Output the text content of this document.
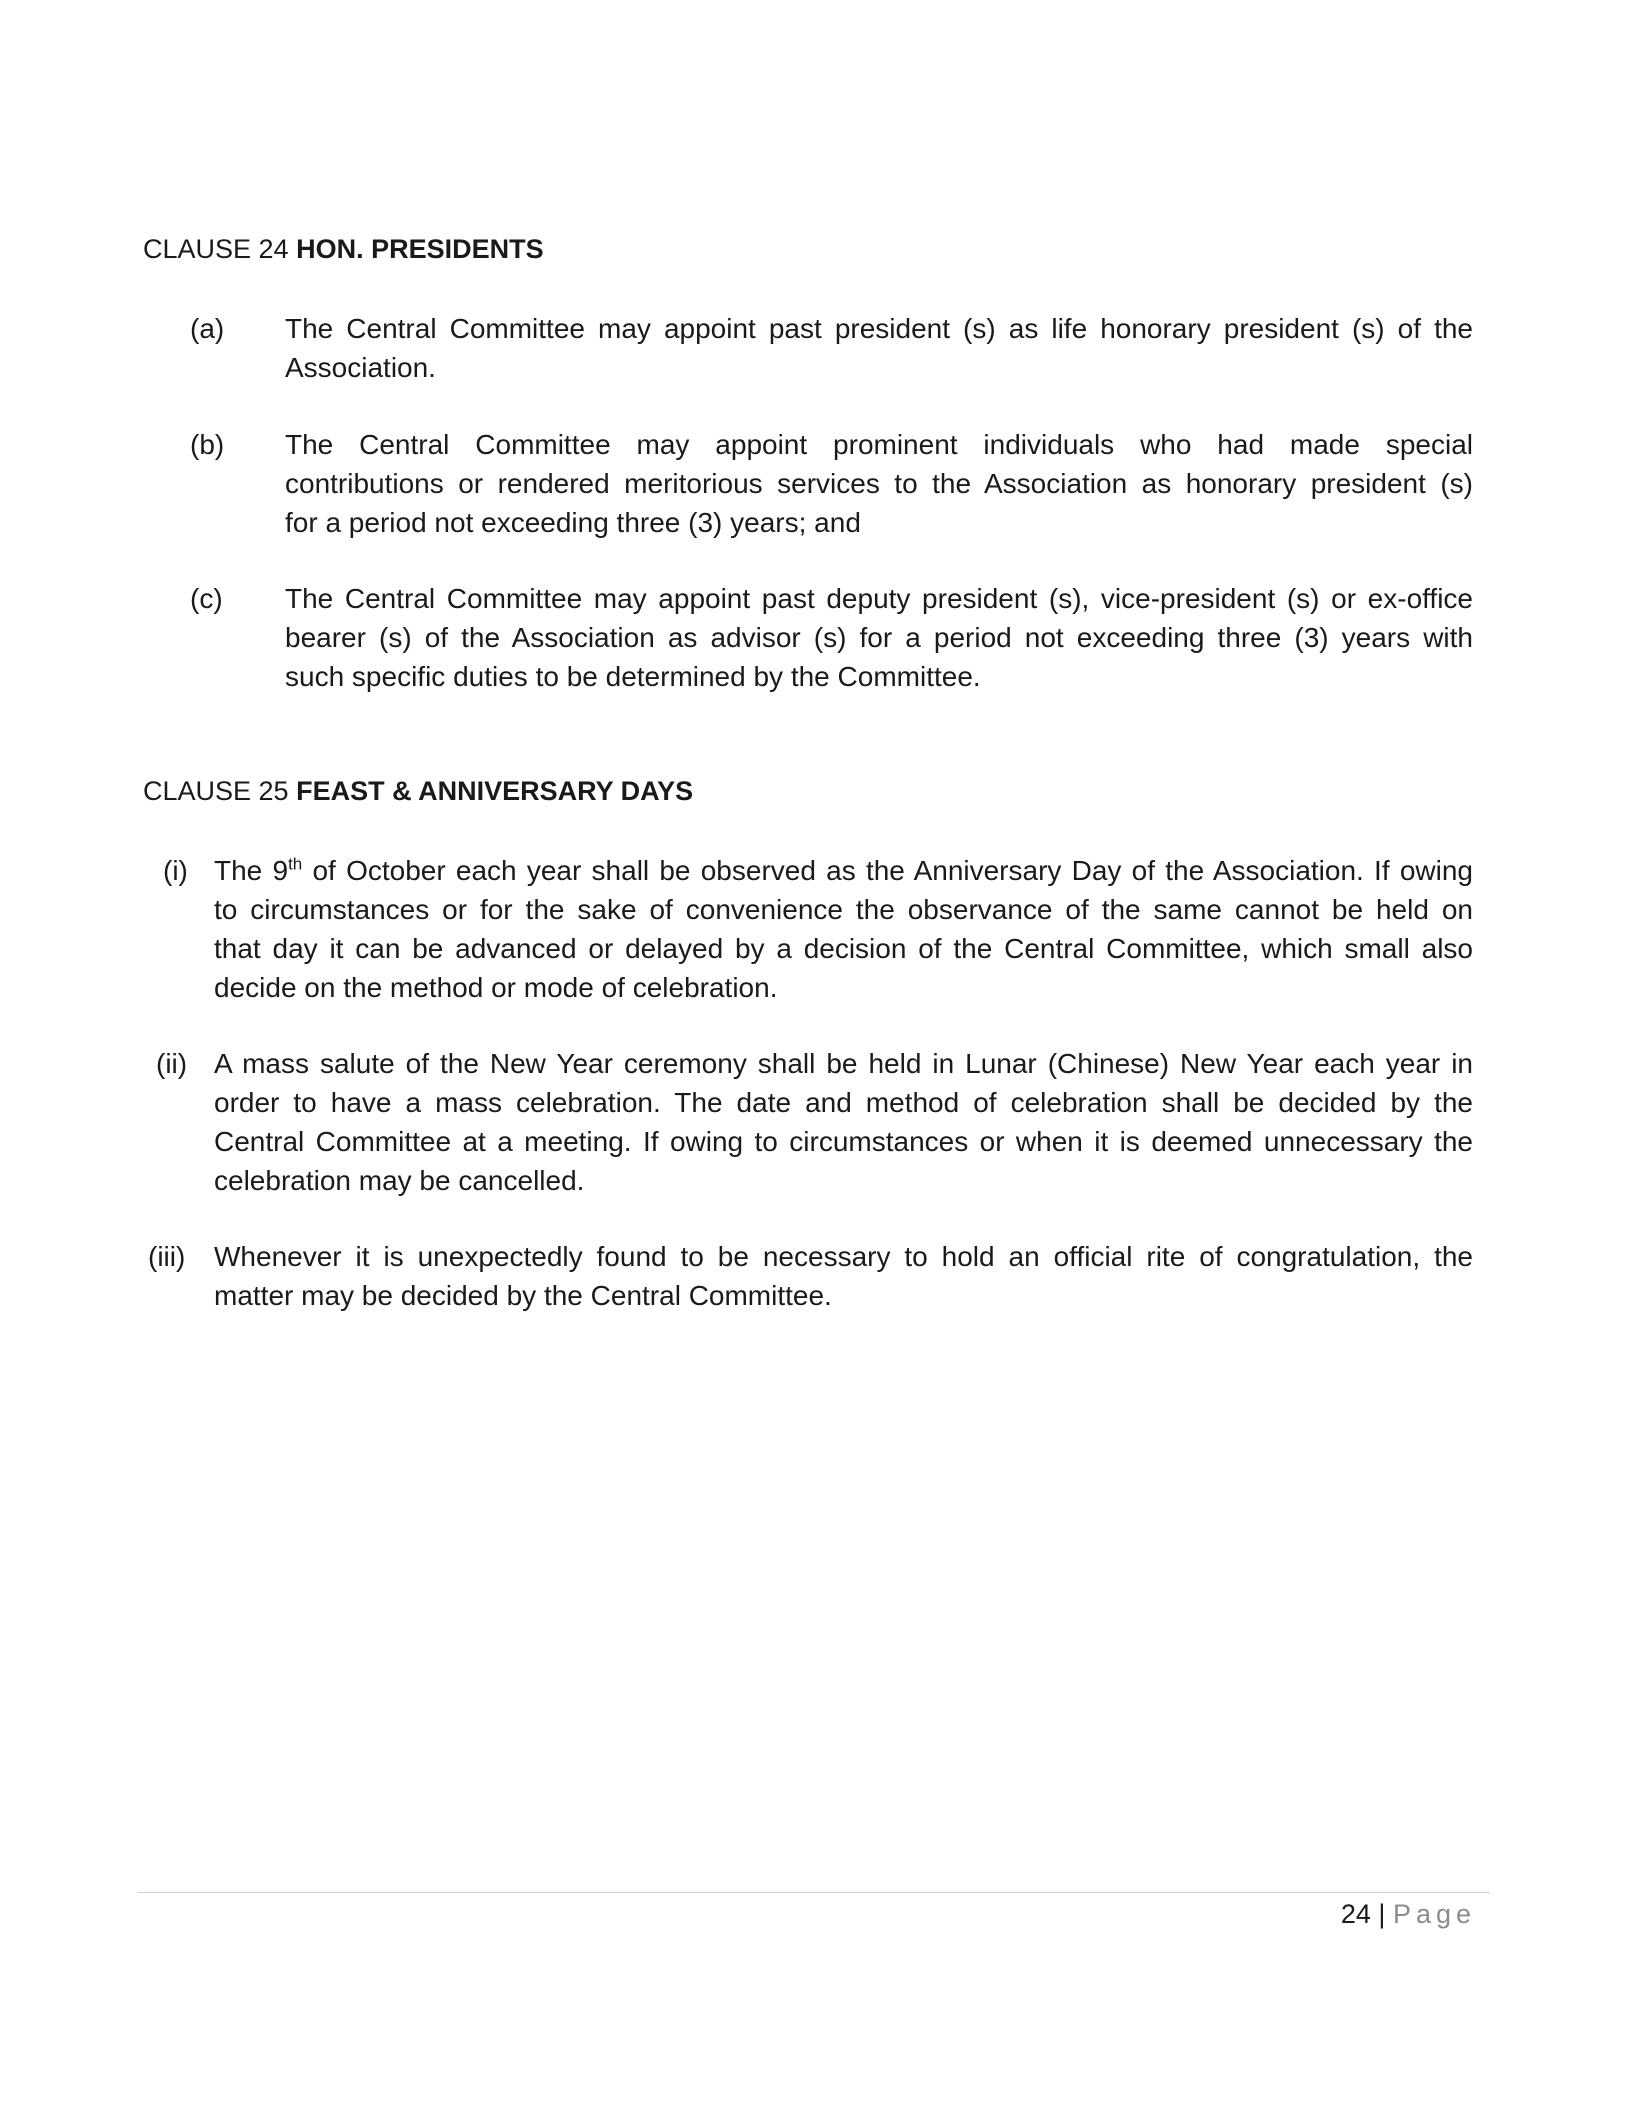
CLAUSE 24 HON. PRESIDENTS
(a) The Central Committee may appoint past president (s) as life honorary president (s) of the
Association.
(b) The Central Committee may appoint prominent individuals who had made special
contributions or rendered meritorious services to the Association as honorary president (s)
for a period not exceeding three (3) years; and
(c) The Central Committee may appoint past deputy president (s), vice-president (s) or ex-office
bearer (s) of the Association as advisor (s) for a period not exceeding three (3) years with
such specific duties to be determined by the Committee.
CLAUSE 25 FEAST & ANNIVERSARY DAYS
(i) The 9th of October each year shall be observed as the Anniversary Day of the Association. If owing
to circumstances or for the sake of convenience the observance of the same cannot be held on
that day it can be advanced or delayed by a decision of the Central Committee, which small also
decide on the method or mode of celebration.
(ii) A mass salute of the New Year ceremony shall be held in Lunar (Chinese) New Year each year in
order to have a mass celebration. The date and method of celebration shall be decided by the
Central Committee at a meeting. If owing to circumstances or when it is deemed unnecessary the
celebration may be cancelled.
(iii) Whenever it is unexpectedly found to be necessary to hold an official rite of congratulation, the
matter may be decided by the Central Committee.
24 | Page
